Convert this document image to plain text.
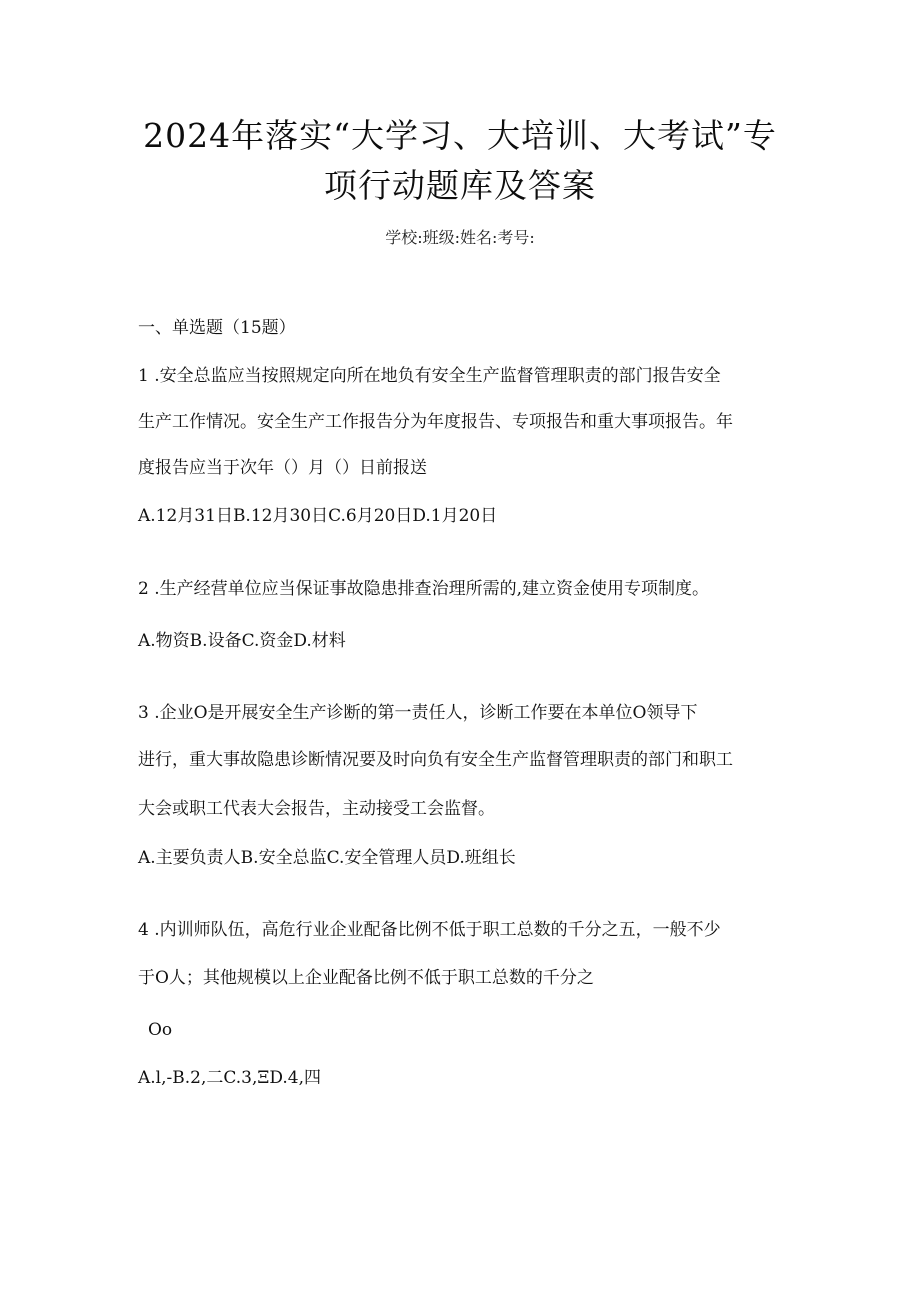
2024年落实“大学习、大培训、大考试”专
项行动题库及答案
学校:班级:姓名:考号:
一、单选题（15题）
1 .安全总监应当按照规定向所在地负有安全生产监督管理职责的部门报告安全
生产工作情况。安全生产工作报告分为年度报告、专项报告和重大事项报告。年
度报告应当于次年（）月（）日前报送
A.12月31日B.12月30日C.6月20日D.1月20日
2 .生产经营单位应当保证事故隐患排查治理所需的,建立资金使用专项制度。
A.物资B.设备C.资金D.材料
3 .企业O是开展安全生产诊断的第一责任人，诊断工作要在本单位O领导下
进行，重大事故隐患诊断情况要及时向负有安全生产监督管理职责的部门和职工
大会或职工代表大会报告，主动接受工会监督。
A.主要负责人B.安全总监C.安全管理人员D.班组长
4 .内训师队伍，高危行业企业配备比例不低于职工总数的千分之五，一般不少
于O人；其他规模以上企业配备比例不低于职工总数的千分之
Oo
A.l,-B.2,二C.3,ΞD.4,四
